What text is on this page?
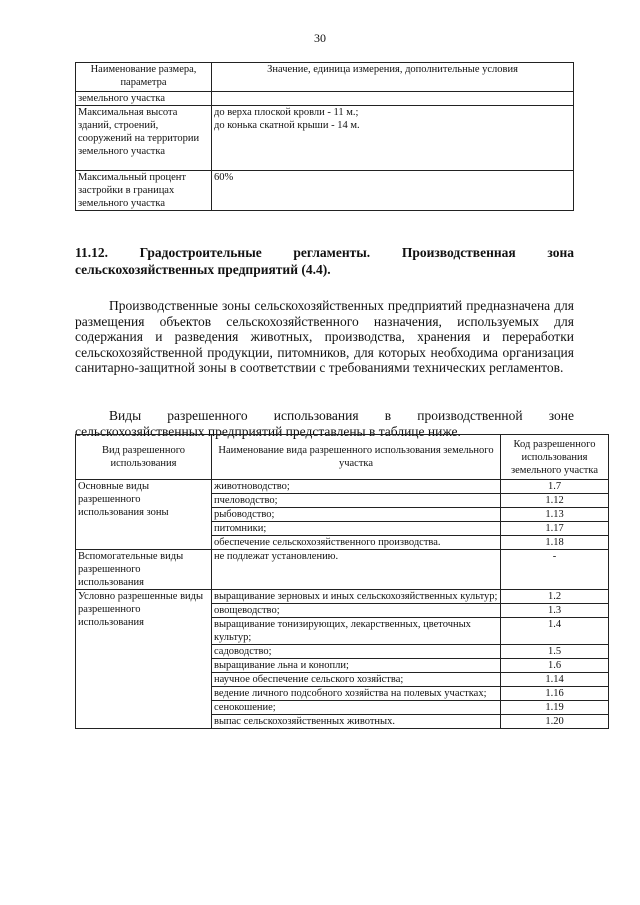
30
Наименование размера, параметра	Значение, единица измерения, дополнительные условия
земельного участка	
Максимальная высота зданий, строений, сооружений на территории земельного участка	до верха плоской кровли - 11 м.;
до конька скатной крыши - 14 м.

Максимальный процент застройки в границах земельного участка	60%
11.12. Градостроительные регламенты. Производственная зона сельскохозяйственных предприятий (4.4).
Производственные зоны сельскохозяйственных предприятий предназначена для размещения объектов сельскохозяйственного назначения, используемых для содержания и разведения животных, производства, хранения и переработки сельскохозяйственной продукции, питомников, для которых необходима организация санитарно-защитной зоны в соответствии с требованиями технических регламентов.
Виды разрешенного использования в производственной зоне сельскохозяйственных предприятий представлены в таблице ниже.
Вид разрешенного использования	Наименование вида разрешенного использования земельного участка	Код разрешенного использования земельного участка
Основные виды разрешенного использования зоны	животноводство;	1.7
	пчеловодство;	1.12
	рыбоводство;	1.13
	питомники;	1.17
	обеспечение сельскохозяйственного производства.	1.18
Вспомогательные виды разрешенного использования	не подлежат установлению.	-
Условно разрешенные виды разрешенного использования	выращивание зерновых и иных сельскохозяйственных культур;	1.2
	овощеводство;	1.3
	выращивание тонизирующих, лекарственных, цветочных культур;	1.4
	садоводство;	1.5
	выращивание льна и конопли;	1.6
	научное обеспечение сельского хозяйства;	1.14
	ведение личного подсобного хозяйства на полевых участках;	1.16
	сенокошение;	1.19
	выпас сельскохозяйственных животных.	1.20
